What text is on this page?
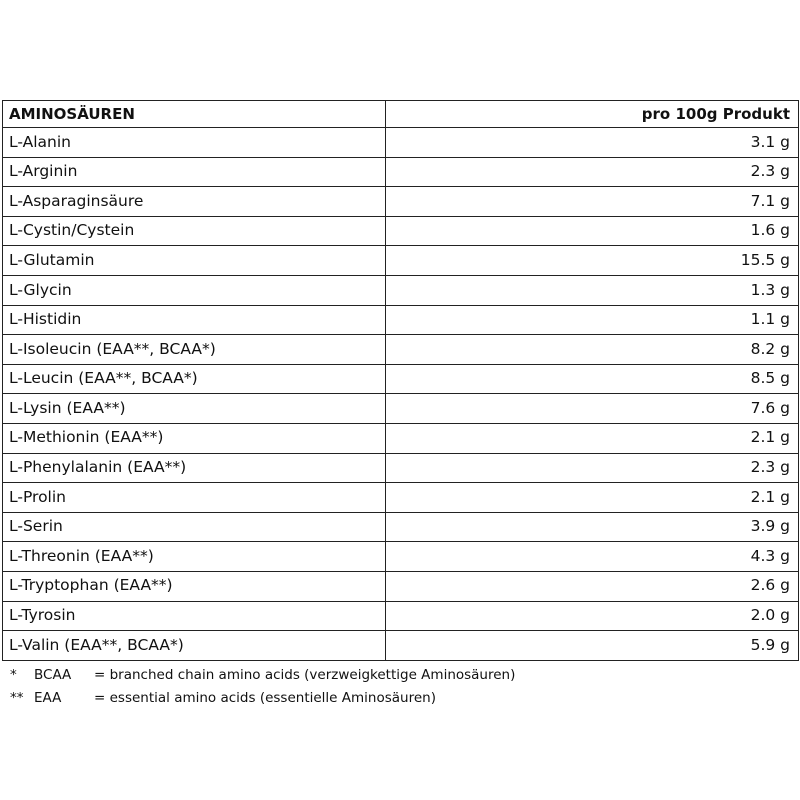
AMINOSÄUREN	pro 100g Produkt
L-Alanin	3.1 g
L-Arginin	2.3 g
L-Asparaginsäure	7.1 g
L-Cystin/Cystein	1.6 g
L-Glutamin	15.5 g
L-Glycin	1.3 g
L-Histidin	1.1 g
L-Isoleucin (EAA**, BCAA*)	8.2 g
L-Leucin (EAA**, BCAA*)	8.5 g
L-Lysin (EAA**)	7.6 g
L-Methionin (EAA**)	2.1 g
L-Phenylalanin (EAA**)	2.3 g
L-Prolin	2.1 g
L-Serin	3.9 g
L-Threonin (EAA**)	4.3 g
L-Tryptophan (EAA**)	2.6 g
L-Tyrosin	2.0 g
L-Valin (EAA**, BCAA*)	5.9 g
* BCAA = branched chain amino acids (verzweigkettige Aminosäuren)
** EAA = essential amino acids (essentielle Aminosäuren)
